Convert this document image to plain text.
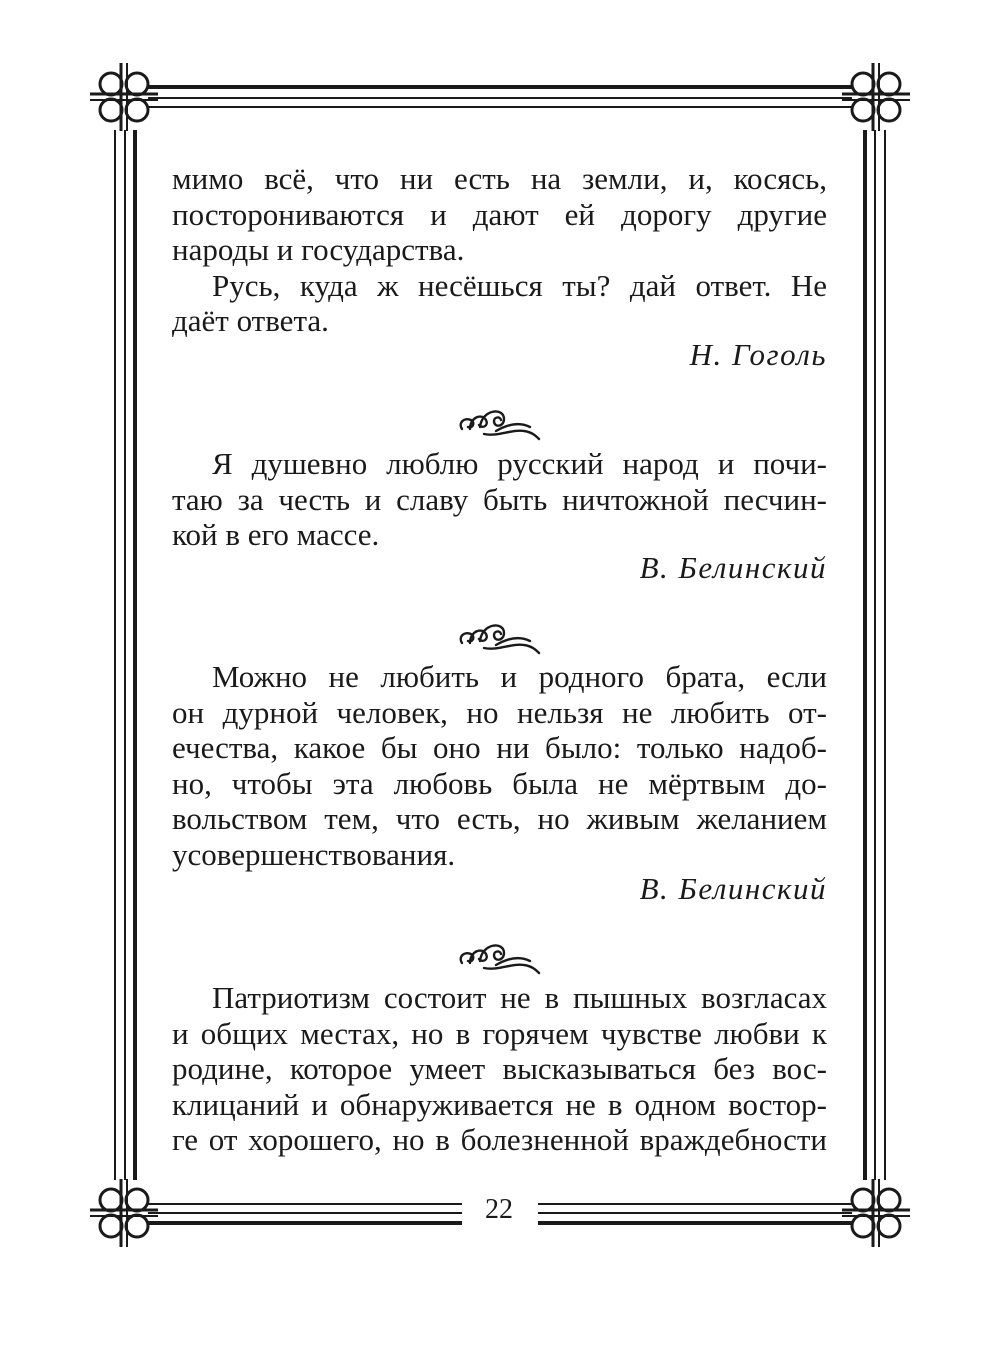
мимо всё, что ни есть на земли, и, косясь,
посторониваются и дают ей дорогу другие
народы и государства.
Русь, куда ж несёшься ты? дай ответ. Не
даёт ответа.
Н. Гоголь
Я душевно люблю русский народ и почи-
таю за честь и славу быть ничтожной песчин-
кой в его массе.
В. Белинский
Можно не любить и родного брата, если
он дурной человек, но нельзя не любить от-
ечества, какое бы оно ни было: только надоб-
но, чтобы эта любовь была не мёртвым до-
вольством тем, что есть, но живым желанием
усовершенствования.
В. Белинский
Патриотизм состоит не в пышных возгласах
и общих местах, но в горячем чувстве любви к
родине, которое умеет высказываться без вос-
клицаний и обнаруживается не в одном востор-
ге от хорошего, но в болезненной враждебности
22
